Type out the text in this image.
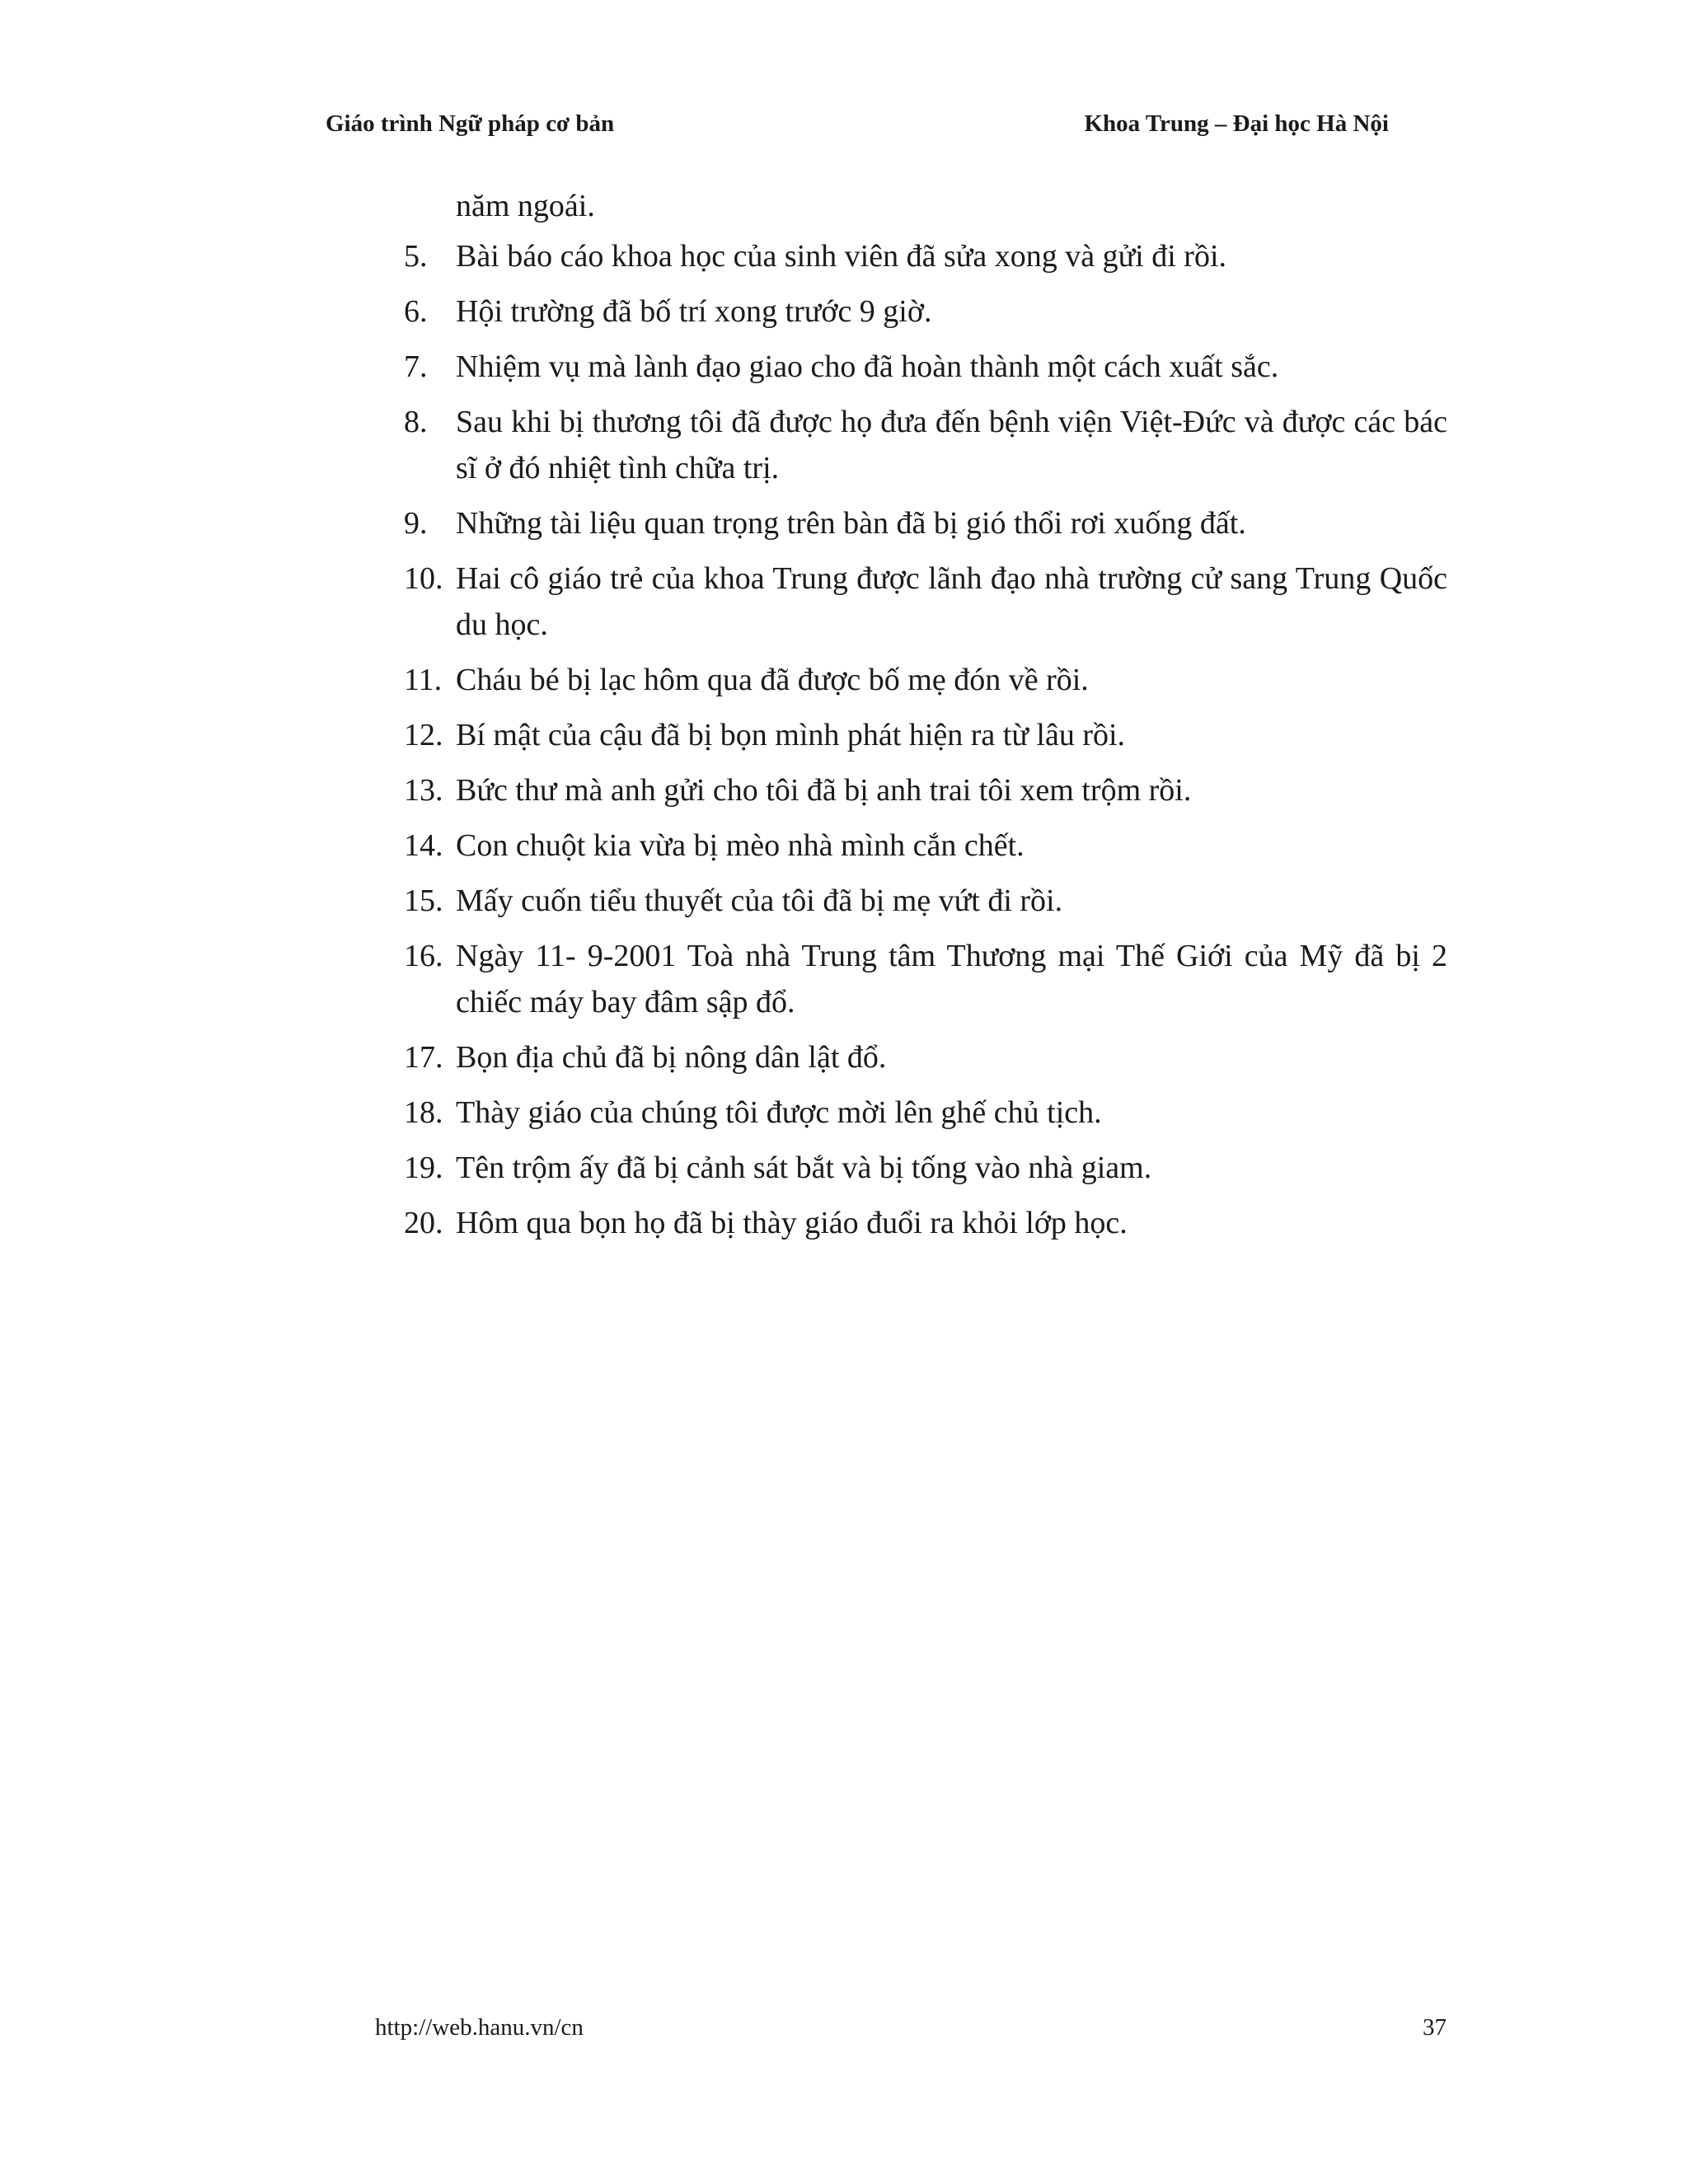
Giáo trình Ngữ pháp cơ bản	Khoa Trung – Đại học Hà Nội
năm ngoái.
5. Bài báo cáo khoa học của sinh viên đã sửa xong và gửi đi rồi.
6. Hội trường đã bố trí xong trước 9 giờ.
7. Nhiệm vụ mà lành đạo giao cho đã hoàn thành một cách xuất sắc.
8. Sau khi bị thương tôi đã được họ đưa đến bệnh viện Việt-Đức và được các bác sĩ ở đó nhiệt tình chữa trị.
9. Những tài liệu quan trọng trên bàn đã bị gió thổi rơi xuống đất.
10. Hai cô giáo trẻ của khoa Trung được lãnh đạo nhà trường cử sang Trung Quốc du học.
11. Cháu bé bị lạc hôm qua đã được bố mẹ đón về rồi.
12. Bí mật của cậu đã bị bọn mình phát hiện ra từ lâu rồi.
13. Bức thư mà anh gửi cho tôi đã bị anh trai tôi xem trộm rồi.
14. Con chuột kia vừa bị mèo nhà mình cắn chết.
15. Mấy cuốn tiểu thuyết của tôi đã bị mẹ vứt đi rồi.
16. Ngày 11- 9-2001 Toà nhà Trung tâm Thương mại Thế Giới của Mỹ đã bị 2 chiếc máy bay đâm sập đổ.
17. Bọn địa chủ đã bị nông dân lật đổ.
18. Thày giáo của chúng tôi được mời lên ghế chủ tịch.
19. Tên trộm ấy đã bị cảnh sát bắt và bị tống vào nhà giam.
20. Hôm qua bọn họ đã bị thày giáo đuổi ra khỏi lớp học.
http://web.hanu.vn/cn	37
